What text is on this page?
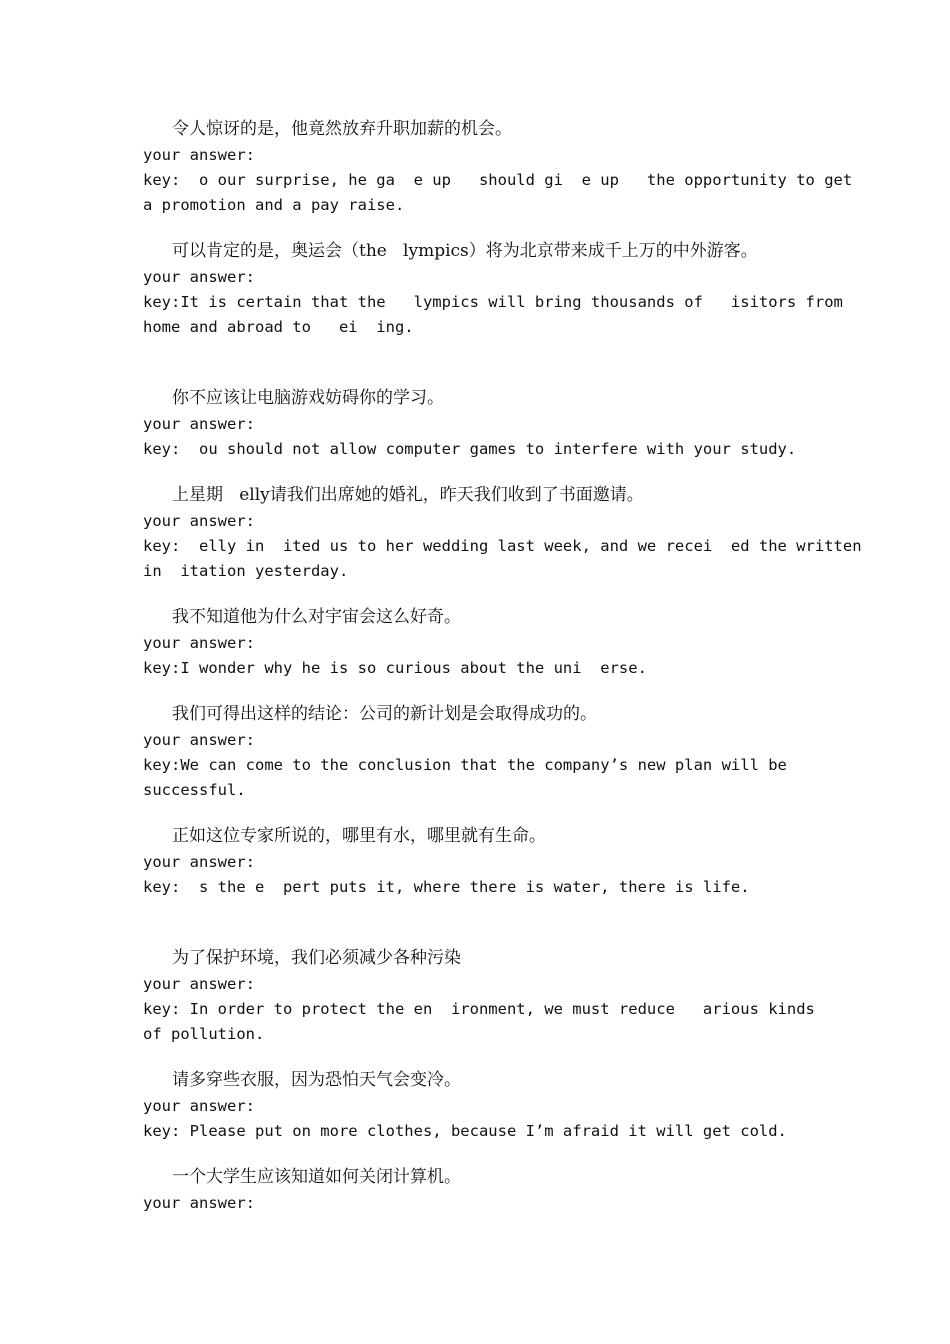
令人惊讶的是，他竟然放弃升职加薪的机会。
your answer:
key:  o our surprise, he ga  e up   should gi  e up   the opportunity to get
a promotion and a pay raise.
可以肯定的是，奥运会（the   lympics）将为北京带来成千上万的中外游客。
your answer:
key:It is certain that the   lympics will bring thousands of   isitors from
home and abroad to   ei  ing.
你不应该让电脑游戏妨碍你的学习。
your answer:
key:  ou should not allow computer games to interfere with your study.
上星期   elly请我们出席她的婚礼，昨天我们收到了书面邀请。
your answer:
key:  elly in  ited us to her wedding last week, and we recei  ed the written
in  itation yesterday.
我不知道他为什么对宇宙会这么好奇。
your answer:
key:I wonder why he is so curious about the uni  erse.
我们可得出这样的结论：公司的新计划是会取得成功的。
your answer:
key:We can come to the conclusion that the company’s new plan will be
successful.
正如这位专家所说的，哪里有水，哪里就有生命。
your answer:
key:  s the e  pert puts it, where there is water, there is life.
为了保护环境，我们必须减少各种污染
your answer:
key: In order to protect the en  ironment, we must reduce   arious kinds
of pollution.
请多穿些衣服，因为恐怕天气会变冷。
your answer:
key: Please put on more clothes, because I’m afraid it will get cold.
一个大学生应该知道如何关闭计算机。
your answer:
